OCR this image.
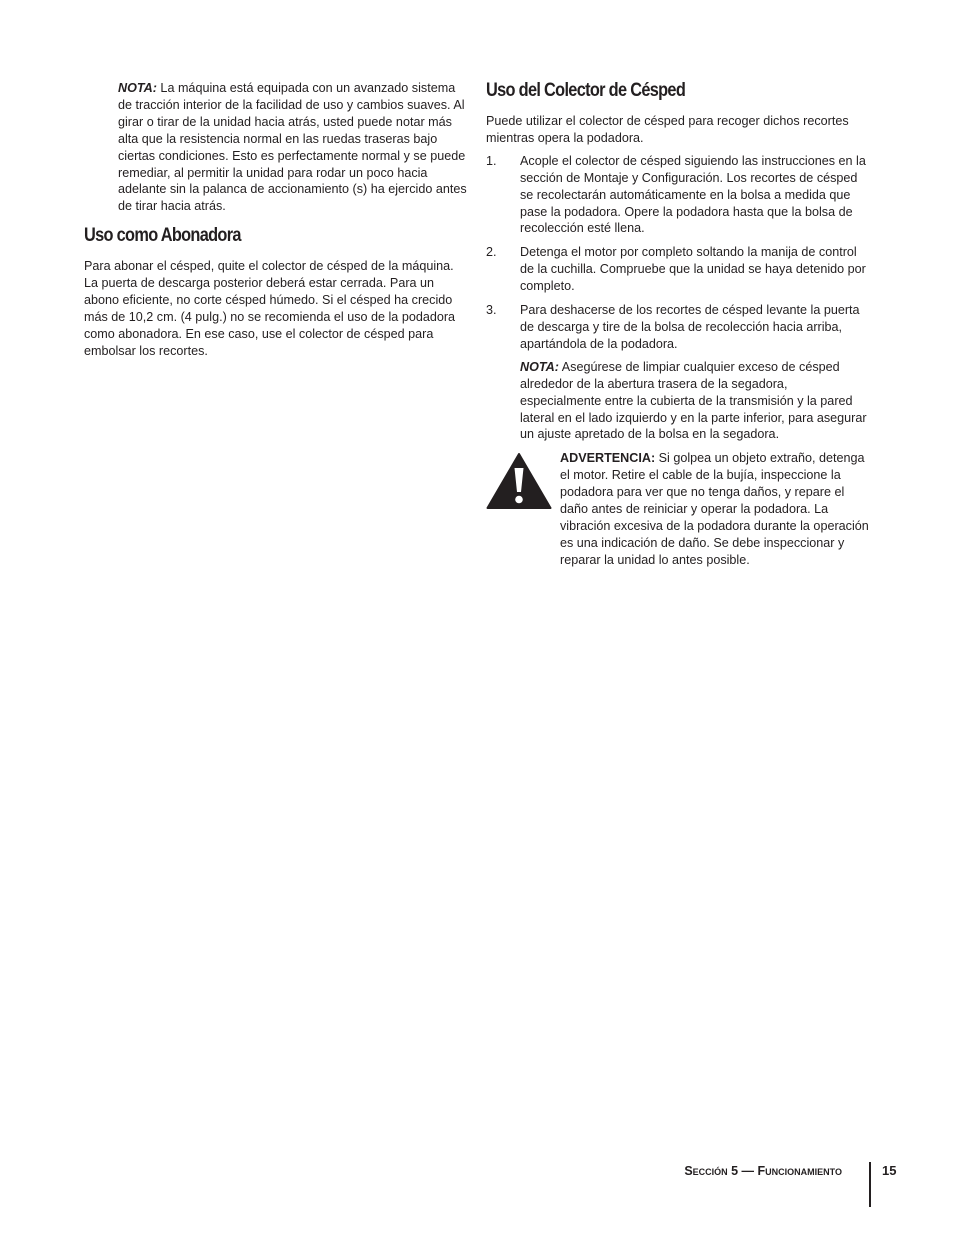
NOTA: La máquina está equipada con un avanzado sistema de tracción interior de la facilidad de uso y cambios suaves. Al girar o tirar de la unidad hacia atrás, usted puede notar más alta que la resistencia normal en las ruedas traseras bajo ciertas condiciones. Esto es perfectamente normal y se puede remediar, al permitir la unidad para rodar un poco hacia adelante sin la palanca de accionamiento (s) ha ejercido antes de tirar hacia atrás.

Uso como Abonadora

Para abonar el césped, quite el colector de césped de la máquina. La puerta de descarga posterior deberá estar cerrada. Para un abono eficiente, no corte césped húmedo. Si el césped ha crecido más de 10,2 cm. (4 pulg.) no se recomienda el uso de la podadora como abonadora. En ese caso, use el colector de césped para embolsar los recortes.

Uso del Colector de Césped

Puede utilizar el colector de césped para recoger dichos recortes mientras opera la podadora.

1. Acople el colector de césped siguiendo las instrucciones en la sección de Montaje y Configuración. Los recortes de césped se recolectarán automáticamente en la bolsa a medida que pase la podadora. Opere la podadora hasta que la bolsa de recolección esté llena.

2. Detenga el motor por completo soltando la manija de control de la cuchilla. Compruebe que la unidad se haya detenido por completo.

3. Para deshacerse de los recortes de césped levante la puerta de descarga y tire de la bolsa de recolección hacia arriba, apartándola de la podadora.

NOTA: Asegúrese de limpiar cualquier exceso de césped alrededor de la abertura trasera de la segadora, especialmente entre la cubierta de la transmisión y la pared lateral en el lado izquierdo y en la parte inferior, para asegurar un ajuste apretado de la bolsa en la segadora.

ADVERTENCIA: Si golpea un objeto extraño, detenga el motor. Retire el cable de la bujía, inspeccione la podadora para ver que no tenga daños, y repare el daño antes de reiniciar y operar la podadora. La vibración excesiva de la podadora durante la operación es una indicación de daño. Se debe inspeccionar y reparar la unidad lo antes posible.

Sección 5 — Funcionamiento	15
